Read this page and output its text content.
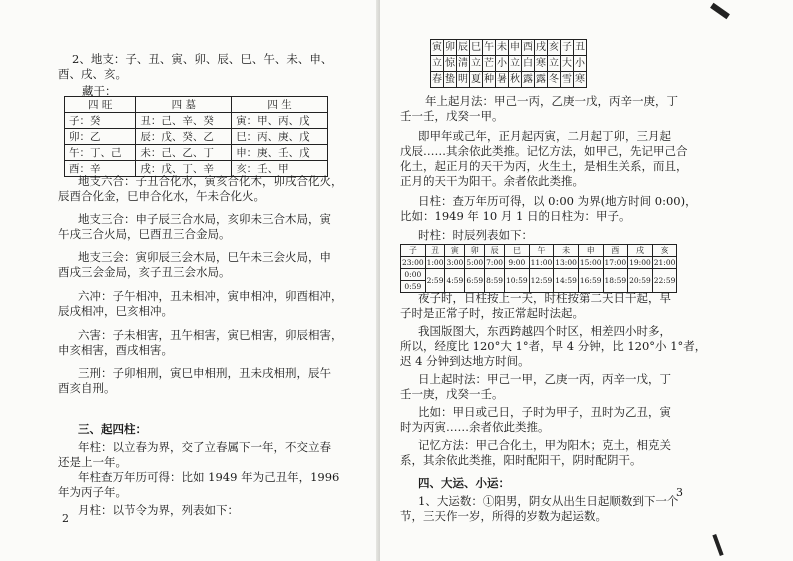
2、地支：子、丑、寅、卯、辰、巳、午、未、申、
酉、戌、亥。
藏干：
四 旺	四 墓	四 生
子：癸	丑：己、辛、癸	寅：甲、丙、戊
卯：乙	辰：戊、癸、乙	巳：丙、庚、戊
午：丁、己	未：己、乙、丁	申：庚、壬、戊
酉：辛	戌：戊、丁、辛	亥：壬、甲
地支六合：子丑合化水，寅亥合化木，卯戌合化火，
辰酉合化金，巳申合化水，午未合化火。
地支三合：申子辰三合水局，亥卯未三合木局，寅
午戌三合火局，巳酉丑三合金局。
地支三会：寅卯辰三会木局，巳午未三会火局，申
酉戌三会金局，亥子丑三会水局。
六冲：子午相冲，丑未相冲，寅申相冲，卯酉相冲，
辰戌相冲，巳亥相冲。
六害：子未相害，丑午相害，寅巳相害，卯辰相害，
申亥相害，酉戌相害。
三刑：子卯相刑，寅巳申相刑，丑未戌相刑，辰午
酉亥自刑。
三、起四柱：
年柱：以立春为界，交了立春属下一年，不交立春
还是上一年。
年柱查万年历可得：比如 1949 年为己丑年，1996
年为丙子年。
月柱：以节令为界，列表如下：
2
寅	卯	辰	巳	午	未	申	酉	戌	亥	子	丑
立	惊	清	立	芒	小	立	白	寒	立	大	小
春	蛰	明	夏	种	暑	秋	露	露	冬	雪	寒
年上起月法：甲己一丙，乙庚一戊，丙辛一庚，丁
壬一壬，戊癸一甲。
即甲年或己年，正月起丙寅，二月起丁卯，三月起
戊辰……其余依此类推。记忆方法，如甲己，先记甲己合
化土，起正月的天干为丙，火生土，是相生关系，而且，
正月的天干为阳干。余者依此类推。
日柱：查万年历可得，以 0:00 为界(地方时间 0:00)，
比如：1949 年 10 月 1 日的日柱为：甲子。
时柱：时辰列表如下：
子	丑	寅	卯	辰	巳	午	未	申	酉	戌	亥
23:00	1:00	3:00	5:00	7:00	9:00	11:00	13:00	15:00	17:00	19:00	21:00
0:00	2:59	4:59	6:59	8:59	10:59	12:59	14:59	16:59	18:59	20:59	22:59
0:59											
夜子时，日柱按上一天，时柱按第二天日干起，早
子时是正常子时，按正常起时法起。
我国版图大，东西跨越四个时区，相差四小时多，
所以，经度比 120°大 1°者，早 4 分钟，比 120°小 1°者，
迟 4 分钟到达地方时间。
日上起时法：甲己一甲，乙庚一丙，丙辛一戊，丁
壬一庚，戊癸一壬。
比如：甲日或己日，子时为甲子，丑时为乙丑，寅
时为丙寅……余者依此类推。
记忆方法：甲己合化土，甲为阳木；克土，相克关
系，其余依此类推，阳时配阳干，阴时配阴干。
四、大运、小运：
1、大运数：①阳男，阴女从出生日起顺数到下一个
节，三天作一岁，所得的岁数为起运数。
3
